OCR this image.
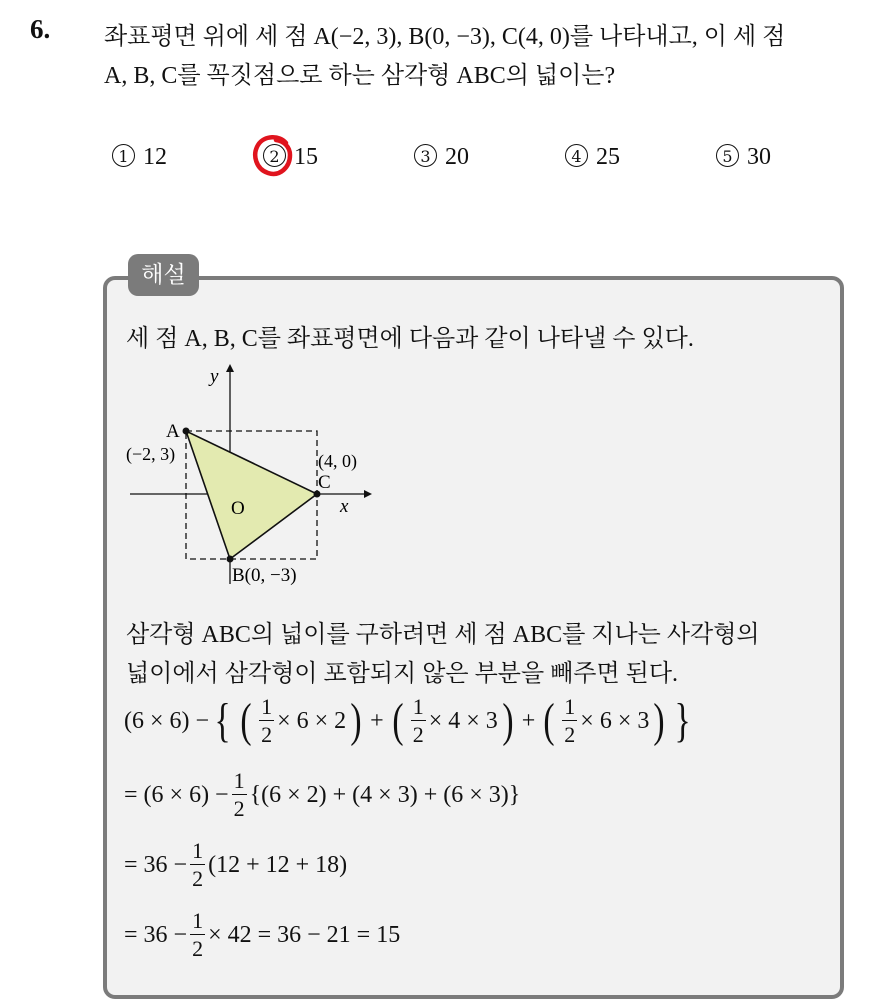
6. 좌표평면 위에 세 점 A(−2, 3), B(0, −3), C(4, 0)를 나타내고, 이 세 점
A, B, C를 꼭짓점으로 하는 삼각형 ABC의 넓이는?
1 12	2 15	3 20	4 25	5 30
해설
세 점 A, B, C를 좌표평면에 다음과 같이 나타낼 수 있다.
y
x
O
A
(−2, 3)
B(0, −3)
C
(4, 0)
삼각형 ABC의 넓이를 구하려면 세 점 ABC를 지나는 사각형의
넓이에서 삼각형이 포함되지 않은 부분을 빼주면 된다.
(6 × 6) − { ( $\frac{1}{2} \times 6 \times 2$ ) + ( $\frac{1}{2} \times 4 \times 3$ ) + ( $\frac{1}{2} \times 6 \times 3$ ) }
= $(6 \times 6) - \frac{1}{2} \{(6 \times 2) + (4 \times 3) + (6 \times 3)\}$
= $36 - \frac{1}{2} (12 + 12 + 18)$
= $36 - \frac{1}{2} \times 42 = 36 - 21 = 15$
